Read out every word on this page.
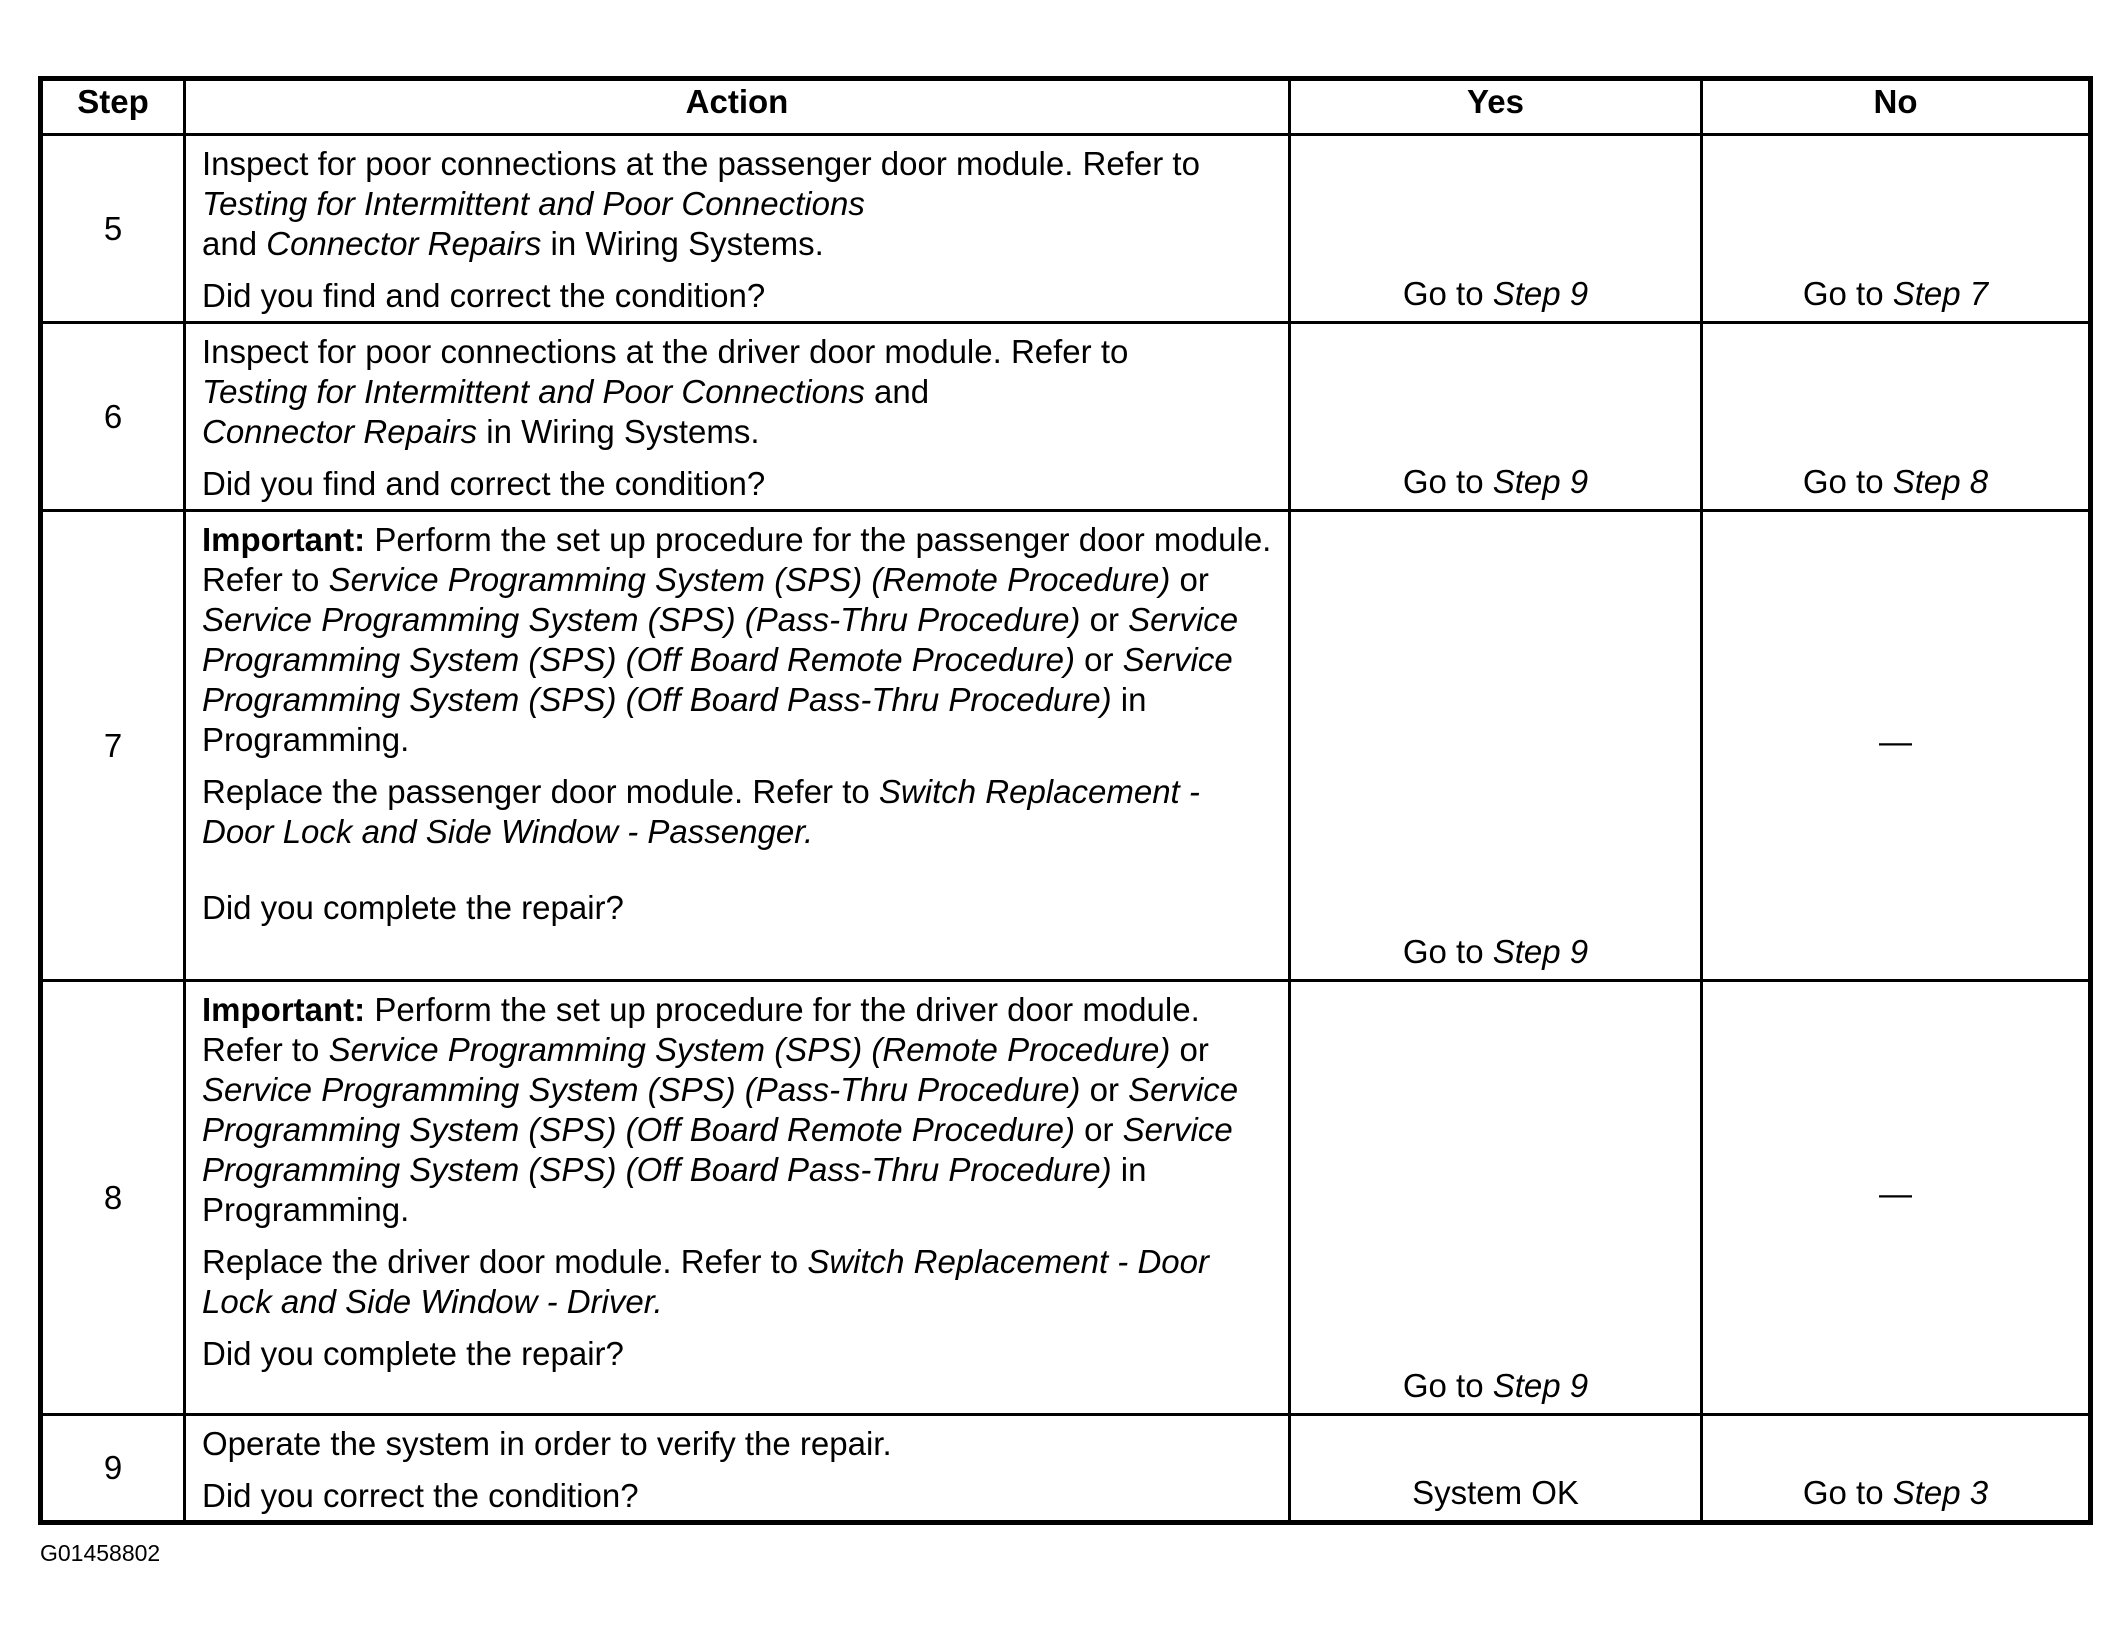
Step	Action	Yes	No
5	Inspect for poor connections at the passenger door module. Refer to Testing for Intermittent and Poor Connections
and Connector Repairs in Wiring Systems.

Did you find and correct the condition?	Go to Step 9	Go to Step 7
6	Inspect for poor connections at the driver door module. Refer to
Testing for Intermittent and Poor Connections and
Connector Repairs in Wiring Systems.

Did you find and correct the condition?	Go to Step 9	Go to Step 8
7	Important: Perform the set up procedure for the passenger door module. Refer to Service Programming System (SPS) (Remote Procedure) or Service Programming System (SPS) (Pass-Thru Procedure) or Service Programming System (SPS) (Off Board Remote Procedure) or Service Programming System (SPS) (Off Board Pass-Thru Procedure) in Programming.

Replace the passenger door module. Refer to Switch Replacement - Door Lock and Side Window - Passenger.

Did you complete the repair?	Go to Step 9	—
8	Important: Perform the set up procedure for the driver door module. Refer to Service Programming System (SPS) (Remote Procedure) or Service Programming System (SPS) (Pass-Thru Procedure) or Service Programming System (SPS) (Off Board Remote Procedure) or Service Programming System (SPS) (Off Board Pass-Thru Procedure) in Programming.

Replace the driver door module. Refer to Switch Replacement - Door Lock and Side Window - Driver.

Did you complete the repair?	Go to Step 9	—
9	Operate the system in order to verify the repair.

Did you correct the condition?	System OK	Go to Step 3
G01458802
